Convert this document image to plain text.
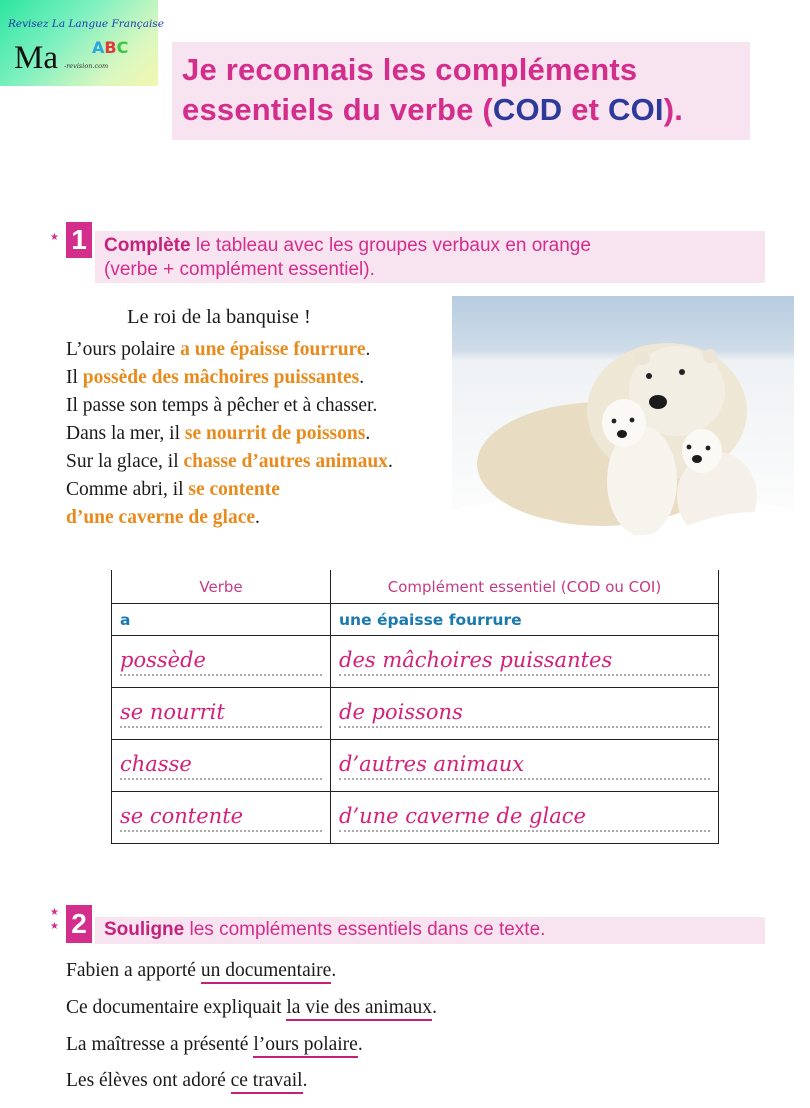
Revisez La Langue Française
ABC
Ma -revision.com Je reconnais les compléments
essentiels du verbe (COD et COI).
★ 1 Complète le tableau avec les groupes verbaux en orange
(verbe + complément essentiel).
Le roi de la banquise !
L’ours polaire a une épaisse fourrure.
Il possède des mâchoires puissantes.
Il passe son temps à pêcher et à chasser.
Dans la mer, il se nourrit de poissons.
Sur la glace, il chasse d’autres animaux.
Comme abri, il se contente
d’une caverne de glace.
Verbe	Complément essentiel (COD ou COI)
a	une épaisse fourrure

possède	des mâchoires puissantes

se nourrit	de poissons

chasse	d’autres animaux

se contente	d’une caverne de glace
★
★ 2 Souligne les compléments essentiels dans ce texte.
Fabien a apporté un documentaire.
Ce documentaire expliquait la vie des animaux.
La maîtresse a présenté l’ours polaire.
Les élèves ont adoré ce travail.
